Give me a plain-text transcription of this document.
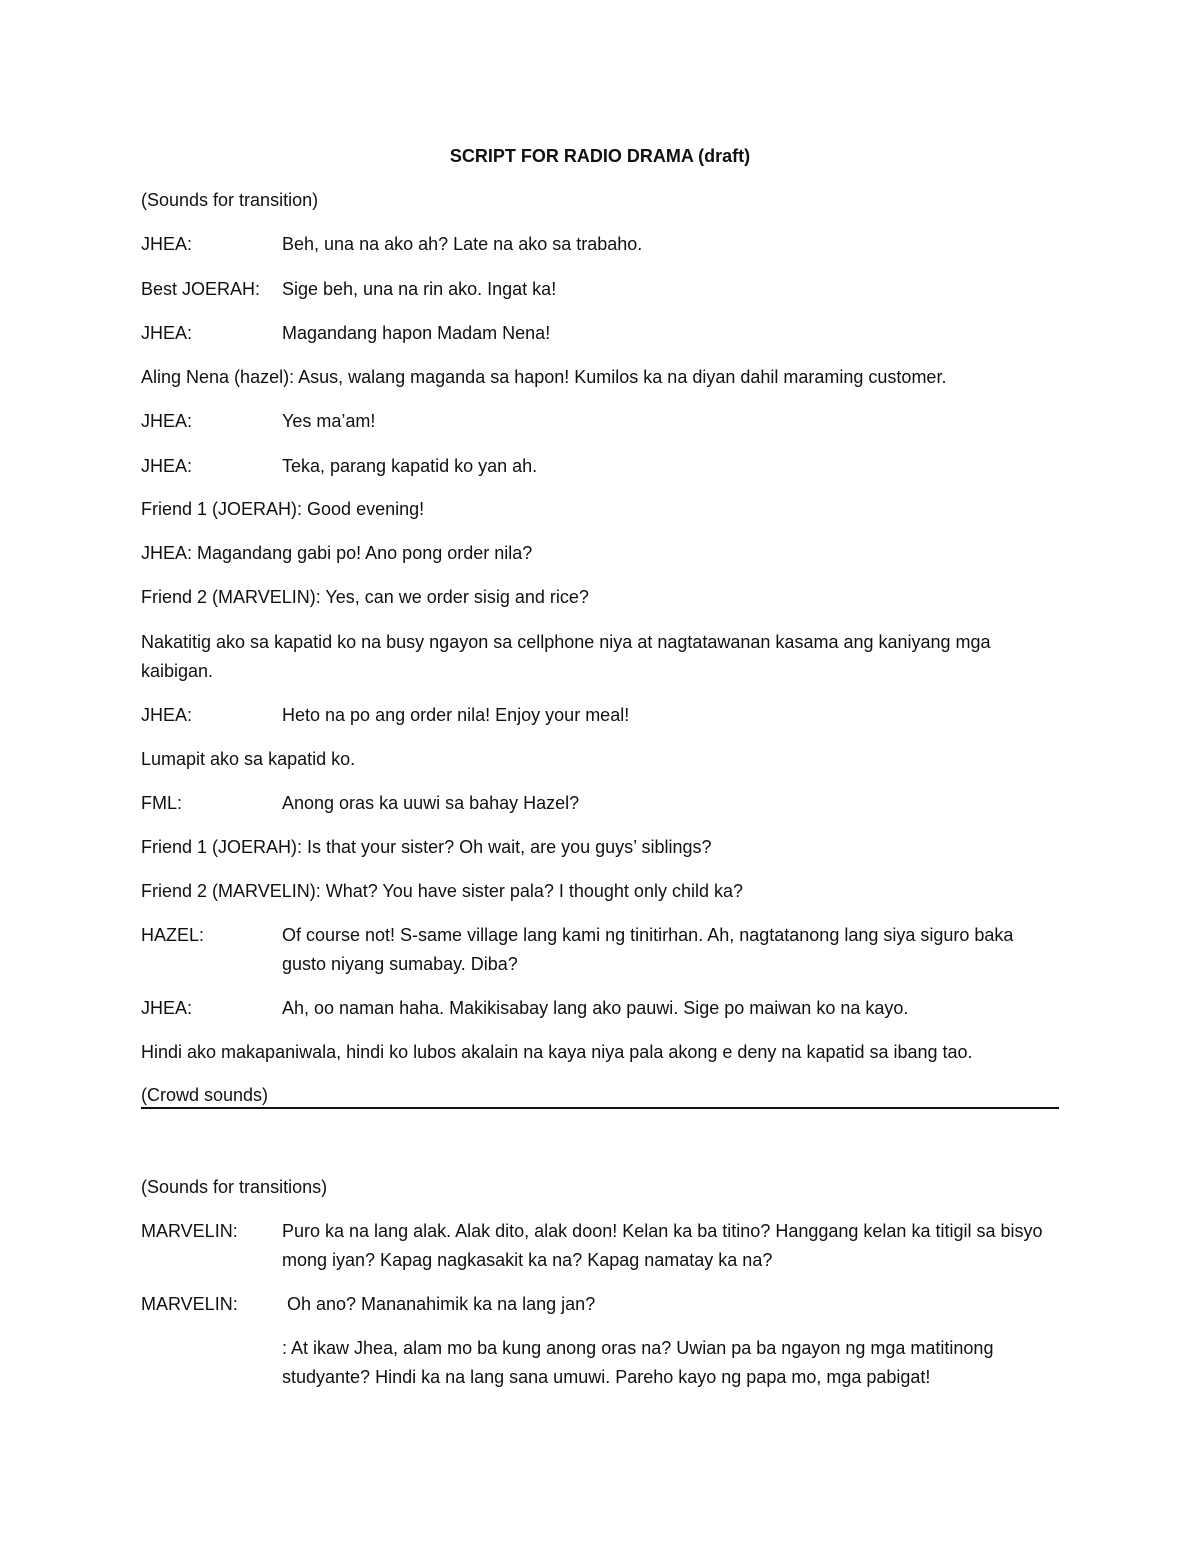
SCRIPT FOR RADIO DRAMA (draft)
(Sounds for transition)
JHEA:	Beh, una na ako ah? Late na ako sa trabaho.
Best JOERAH: Sige beh, una na rin ako. Ingat ka!
JHEA:	Magandang hapon Madam Nena!
Aling Nena (hazel): Asus, walang maganda sa hapon! Kumilos ka na diyan dahil maraming customer.
JHEA:	Yes ma’am!
JHEA:	Teka, parang kapatid ko yan ah.
Friend 1 (JOERAH): Good evening!
JHEA: Magandang gabi po! Ano pong order nila?
Friend 2 (MARVELIN): Yes, can we order sisig and rice?
Nakatitig ako sa kapatid ko na busy ngayon sa cellphone niya at nagtatawanan kasama ang kaniyang mga kaibigan.
JHEA:	Heto na po ang order nila! Enjoy your meal!
Lumapit ako sa kapatid ko.
FML:	Anong oras ka uuwi sa bahay Hazel?
Friend 1 (JOERAH): Is that your sister? Oh wait, are you guys’ siblings?
Friend 2 (MARVELIN): What? You have sister pala? I thought only child ka?
HAZEL:	Of course not! S-same village lang kami ng tinitirhan. Ah, nagtatanong lang siya siguro baka gusto niyang sumabay. Diba?
JHEA:	Ah, oo naman haha. Makikisabay lang ako pauwi. Sige po maiwan ko na kayo.
Hindi ako makapaniwala, hindi ko lubos akalain na kaya niya pala akong e deny na kapatid sa ibang tao.
(Crowd sounds)
(Sounds for transitions)
MARVELIN: Puro ka na lang alak. Alak dito, alak doon! Kelan ka ba titino? Hanggang kelan ka titigil sa bisyo mong iyan? Kapag nagkasakit ka na? Kapag namatay ka na?
MARVELIN: Oh ano? Mananahimik ka na lang jan?
: At ikaw Jhea, alam mo ba kung anong oras na? Uwian pa ba ngayon ng mga matitinong studyante? Hindi ka na lang sana umuwi. Pareho kayo ng papa mo, mga pabigat!
